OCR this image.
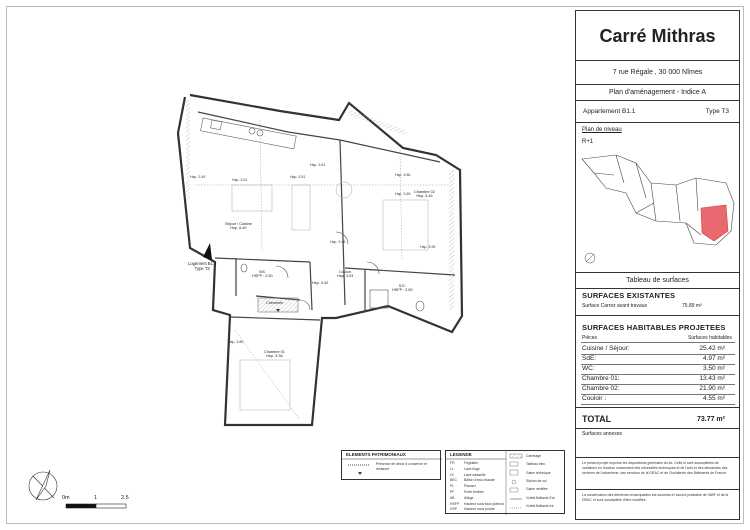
Séjour / Cuisine
Hsp. 6.49
Chambre 02
Hsp. 3.44
WC
HSFP : 2.50
Couloir
Hsp. 3.03
Hsp. 3.42
S.E.
HSFP : 2.50
Cheminée
Chambre 01
Hsp. 3.36
Logement B1.1
Type T3
Hsp. 3.51
Hsp. 3.51
Hsp. 3.61
Hsp. 3.65
Hsp. 3.49
Hsp. 3.46
Hsp. 3.95
Hsp. 3.80
Hsp. 3.56
0m	1	2.5
ELEMENTS PATRIMONIAUX
Présence de décor à conserver et restaurer
LEGENDE
FR	Frigidaire
LL	Lave-linge
LV	Lave-vaisselle
BEC Ballon d'eau chaude
PL	Placard
PF	Porte fenêtre
AB	Allège
HSFP Hauteur sous faux plafond
HSP Hauteur sous poutre
Carrelage
Tableau élec.
Gaine technique
Siphon de sol
Gaine ventilée
Volets Battants Ext.
Volets Battants Int.
Carré Mithras
7 rue Régale , 30 000 Nîmes
Plan d'aménagement - Indice A
Appartement B1.1	Type T3
Plan de niveau
R+1
Tableau de surfaces
SURFACES EXISTANTES
Surface Carrez avant travaux	75.89 m²
SURFACES HABITABLES PROJETEES
Pièces	Surfaces habitables
Cuisine / Séjour:	25.42 m²
SdE:	4.97 m²
WC:	3.50 m²
Chambre 01:	13.43 m²
Chambre 02:	21.90 m²
Couloir :	4.55 m²
TOTAL	73.77 m²
Surfaces annexes
Le présent projet exprime les dispositions générales du lot. Celle-ci sont susceptibles de variations en fonction notamment des nécessités techniques et de l'avis et des demandes des services de l'urbanisme, des services de la DRAC et de l'Architecte des Bâtiments de France.
La conservation des éléments remarquables est soumise à l'accord préalable de l'ABF et de la DRAC et sont susceptible d'être modifiée.
